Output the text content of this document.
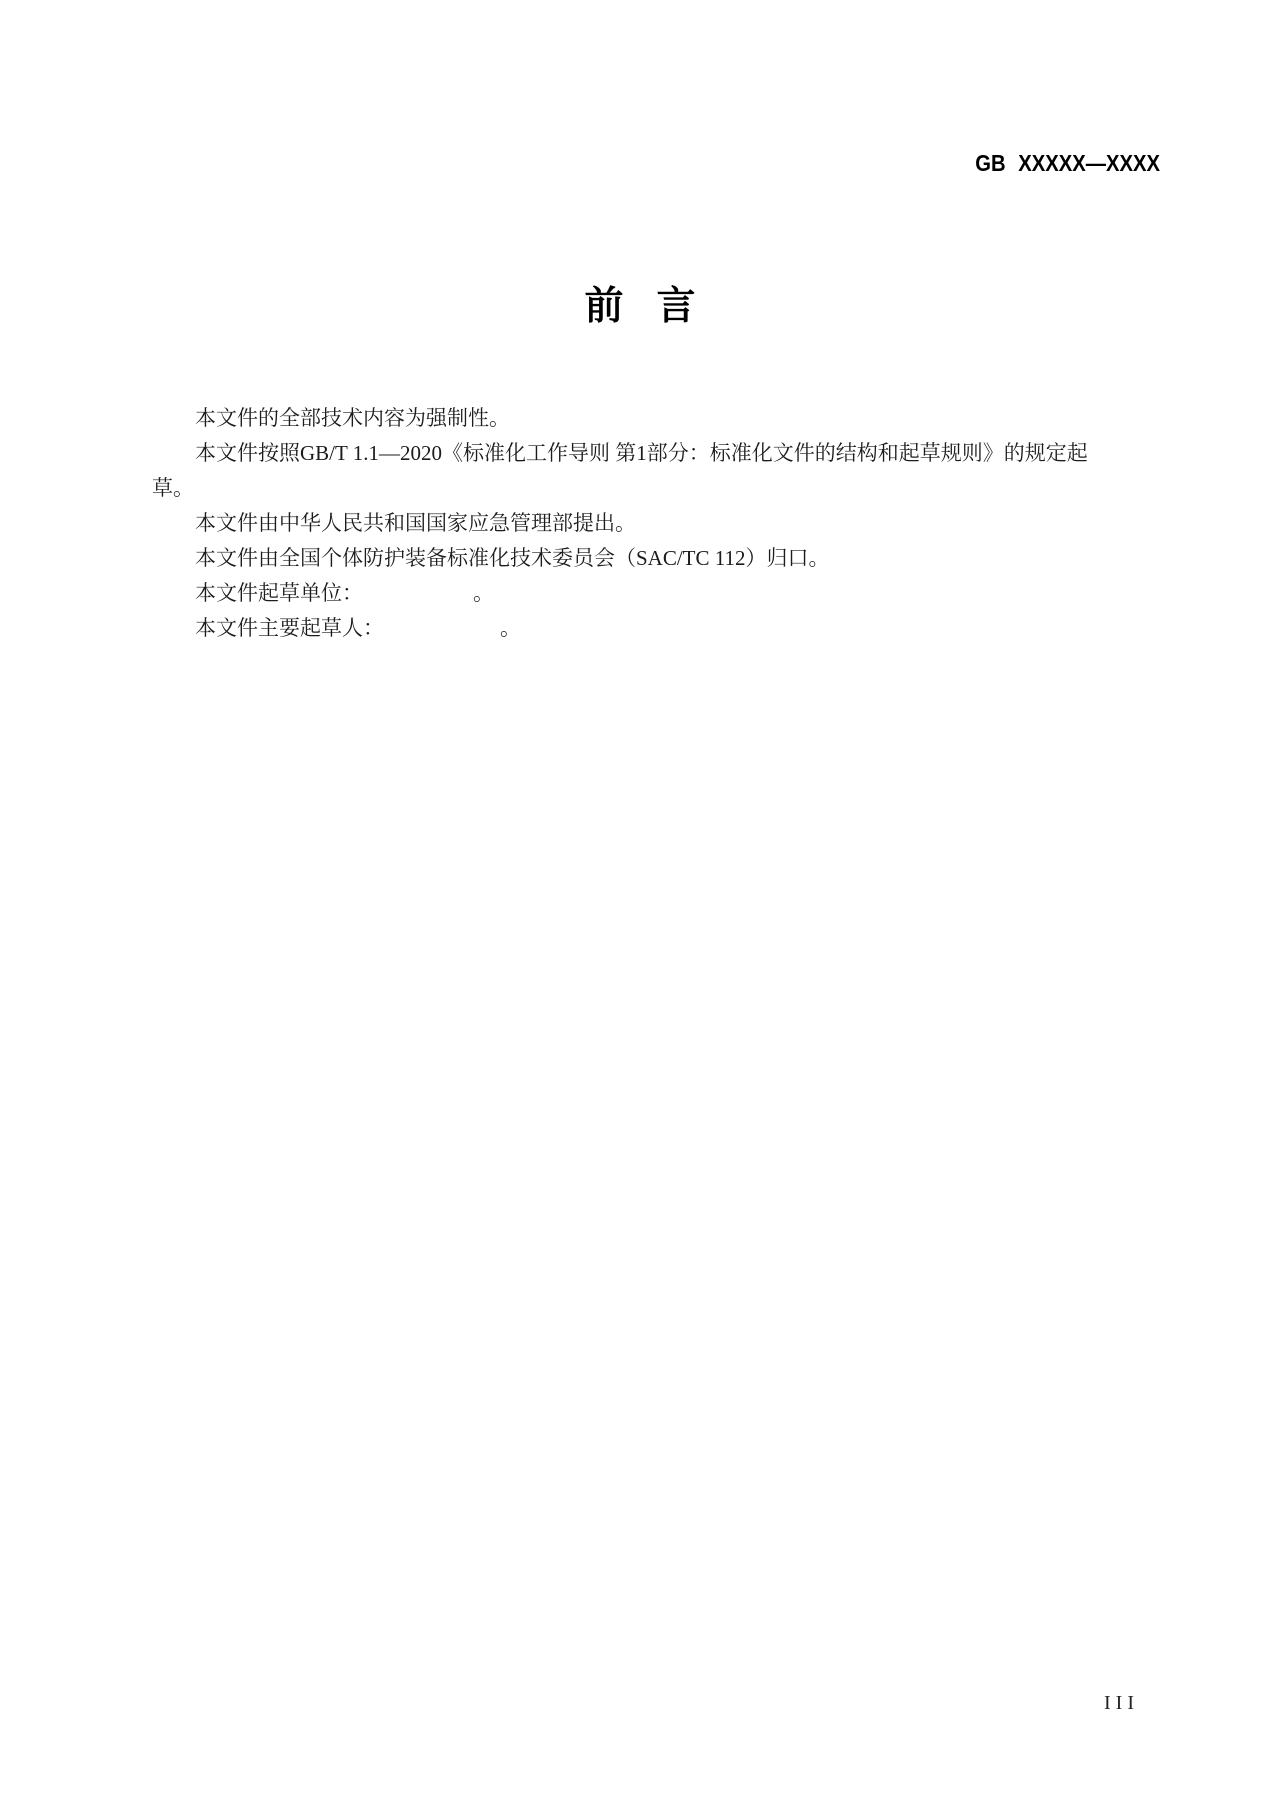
GB XXXXX—XXXX
前 言
本文件的全部技术内容为强制性。
本文件按照GB/T 1.1—2020《标准化工作导则 第1部分：标准化文件的结构和起草规则》的规定起
草。
本文件由中华人民共和国国家应急管理部提出。
本文件由全国个体防护装备标准化技术委员会（SAC/TC 112）归口。
本文件起草单位：	。
本文件主要起草人：	。
III
